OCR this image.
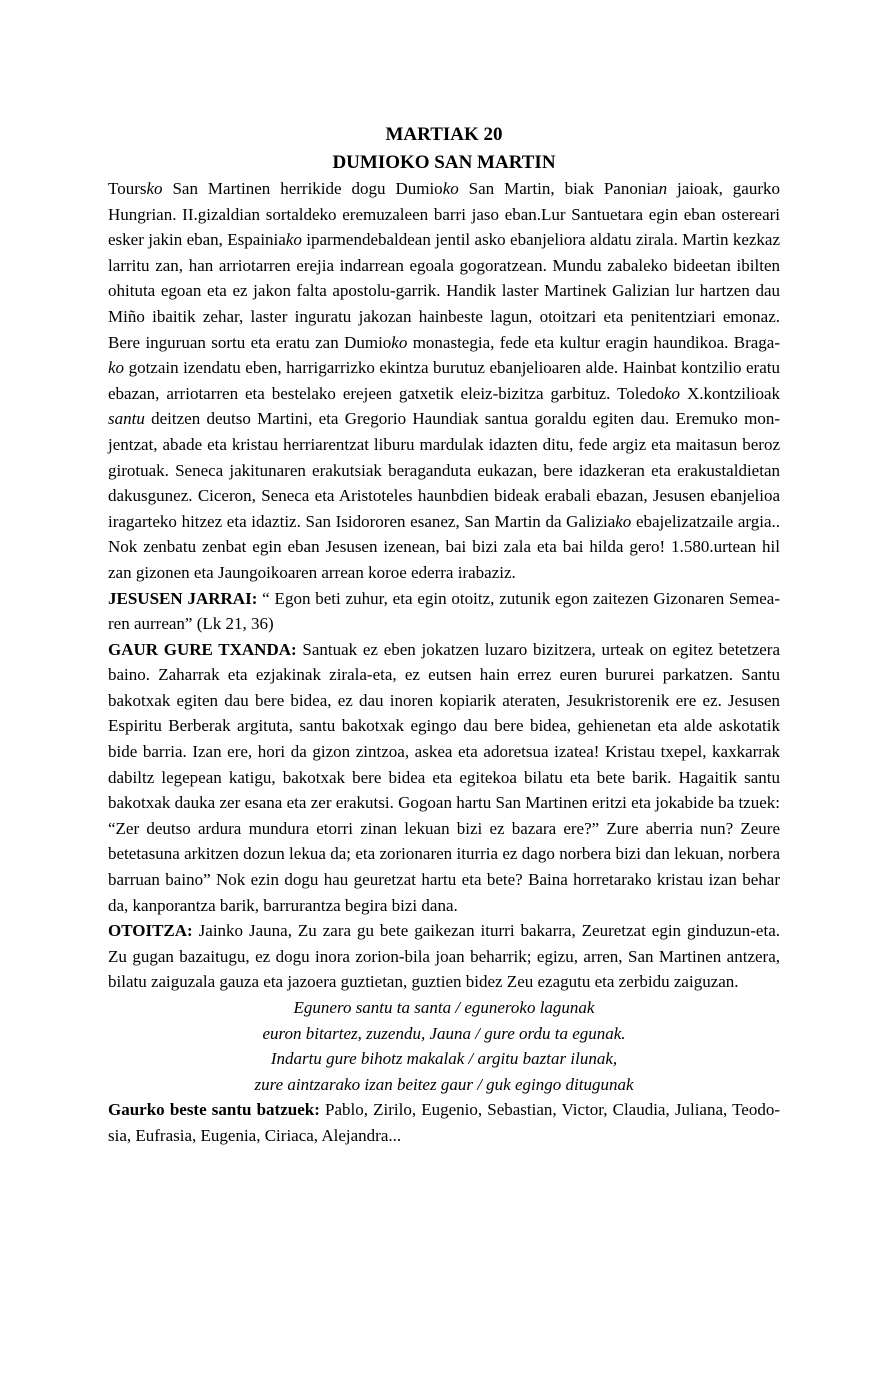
MARTIAK 20
DUMIOKO SAN MARTIN

Toursko San Martinen herrikide dogu Dumioko San Martin, biak Panonian jaioak, gaurko Hungrian. II.gizaldian sortaldeko eremuzaleen barri jaso eban.Lur Santuetara egin eban ostereari esker jakin eban, Espainiako iparmendebaldean jentil asko ebanjeliora aldatu zirala. Martin kezkaz larritu zan, han arriotarren erejia indarrean egoala gogoratzean. Mundu zabaleko bideetan ibilten ohituta egoan eta ez jakon falta apostolu-garrik. Handik laster Martinek Galizian lur hartzen dau Miño ibaitik zehar, laster inguratu jakozan hainbeste lagun, otoitzari eta penitentziari emonaz. Bere inguruan sortu eta eratu zan Dumioko monastegia, fede eta kultur eragin haundikoa. Braga-ko gotzain izendatu eben, harrigarrizko ekintza burutuz ebanjelioaren alde. Hainbat kontzilio eratu ebazan, arriotarren eta bestelako erejeen gatxetik eleiz-bizitza garbituz. Toledoko X.kontzilioak santu deitzen deutso Martini, eta Gregorio Haundiak santua goraldu egiten dau. Eremuko mon-jentzat, abade eta kristau herriarentzat liburu mardulak idazten ditu, fede argiz eta maitasun beroz girotuak. Seneca jakitunaren erakutsiak beraganduta eukazan, bere idazkeran eta erakustaldietan dakusgunez. Ciceron, Seneca eta Aristoteles haunbdien bideak erabali ebazan, Jesusen ebanjelioa iragarteko hitzez eta idaztiz. San Isidororen esanez, San Martin da Galiziako ebajelizatzaile argia.. Nok zenbatu zenbat egin eban Jesusen izenean, bai bizi zala eta bai hilda gero! 1.580.urtean hil zan gizonen eta Jaungoikoaren arrean koroe ederra irabaziz.

JESUSEN JARRAI: “ Egon beti zuhur, eta egin otoitz, zutunik egon zaitezen Gizonaren Semea-ren aurrean” (Lk 21, 36)

GAUR GURE TXANDA: Santuak ez eben jokatzen luzaro bizitzera, urteak on egitez betetzera baino. Zaharrak eta ezjakinak zirala-eta, ez eutsen hain errez euren bururei parkatzen. Santu bakotxak egiten dau bere bidea, ez dau inoren kopiarik ateraten, Jesukristorenik ere ez. Jesusen Espiritu Berberak argituta, santu bakotxak egingo dau bere bidea, gehienetan eta alde askotatik bide barria. Izan ere, hori da gizon zintzoa, askea eta adoretsua izatea! Kristau txepel, kaxkarrak dabiltz legepean katigu, bakotxak bere bidea eta egitekoa bilatu eta bete barik. Hagaitik santu bakotxak dauka zer esana eta zer erakutsi. Gogoan hartu San Martinen eritzi eta jokabide ba tzuek: “Zer deutso ardura mundura etorri zinan lekuan bizi ez bazara ere?” Zure aberria nun? Zeure betetasuna arkitzen dozun lekua da; eta zorionaren iturria ez dago norbera bizi dan lekuan, norbera barruan baino” Nok ezin dogu hau geuretzat hartu eta bete? Baina horretarako kristau izan behar da, kanporantza barik, barrurantza begira bizi dana.

OTOITZA: Jainko Jauna, Zu zara gu bete gaikezan iturri bakarra, Zeuretzat egin ginduzun-eta. Zu gugan bazaitugu, ez dogu inora zorion-bila joan beharrik; egizu, arren, San Martinen antzera, bilatu zaiguzala gauza eta jazoera guztietan, guztien bidez Zeu ezagutu eta zerbidu zaiguzan.

Egunero santu ta santa / eguneroko lagunak
euron bitartez, zuzendu, Jauna / gure ordu ta egunak.
Indartu gure bihotz makalak / argitu baztar ilunak,
zure aintzarako izan beitez gaur / guk egingo ditugunak

Gaurko beste santu batzuek: Pablo, Zirilo, Eugenio, Sebastian, Victor, Claudia, Juliana, Teodo-sia, Eufrasia, Eugenia, Ciriaca, Alejandra...
